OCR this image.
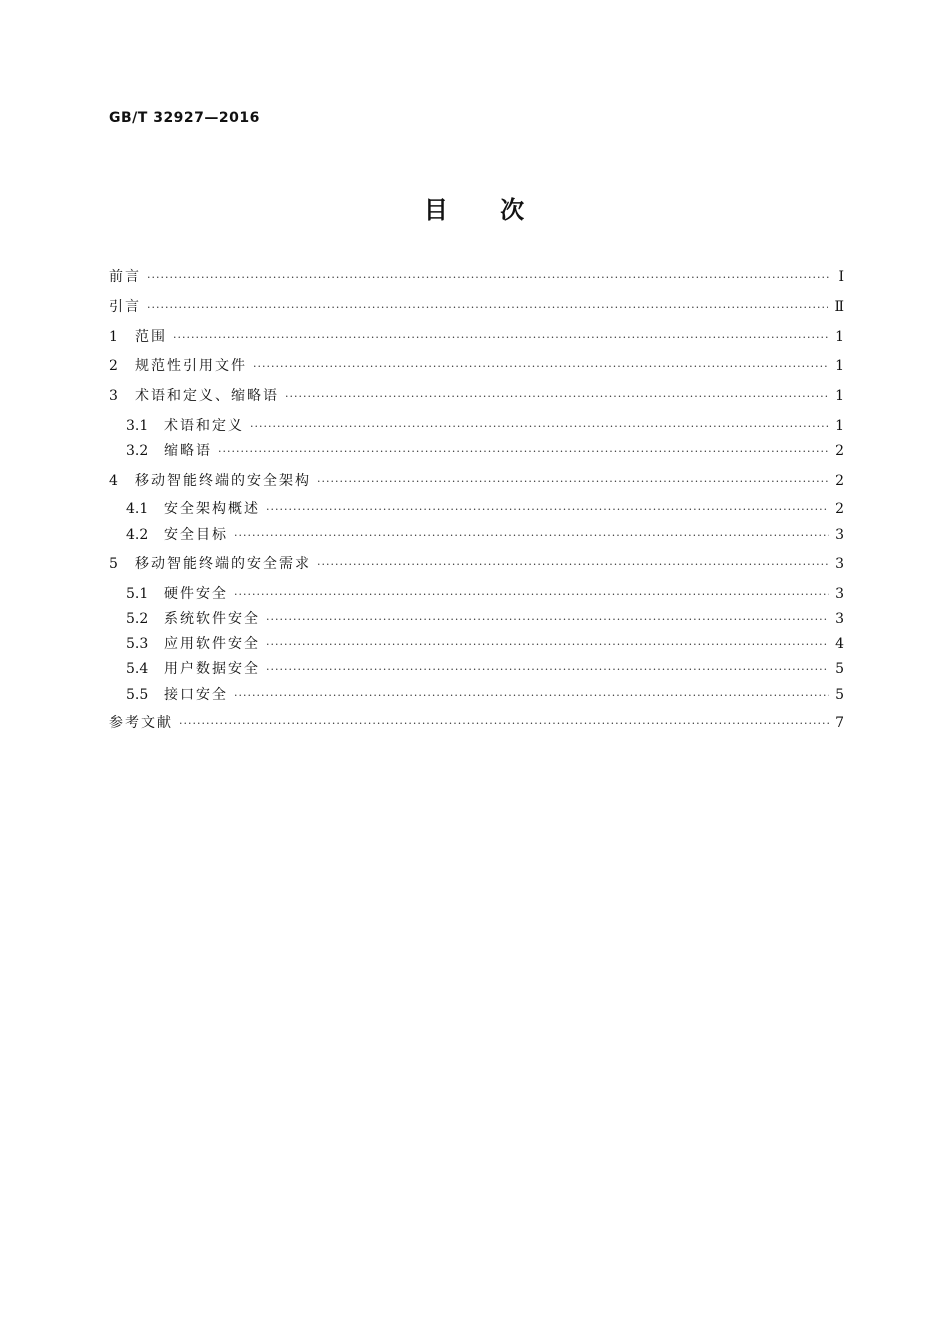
GB/T 32927—2016
目 次
前言 ·····	Ⅰ
引言 ·····	Ⅱ
1	范围 ·····	1
2	规范性引用文件 ·····	1
3	术语和定义、缩略语 ·····	1
3.1	术语和定义 ·····	1
3.2	缩略语 ·····	2
4	移动智能终端的安全架构 ·····	2
4.1	安全架构概述 ·····	2
4.2	安全目标 ·····	3
5	移动智能终端的安全需求 ·····	3
5.1	硬件安全 ·····	3
5.2	系统软件安全 ·····	3
5.3	应用软件安全 ·····	4
5.4	用户数据安全 ·····	5
5.5	接口安全 ·····	5
参考文献 ·····	7
